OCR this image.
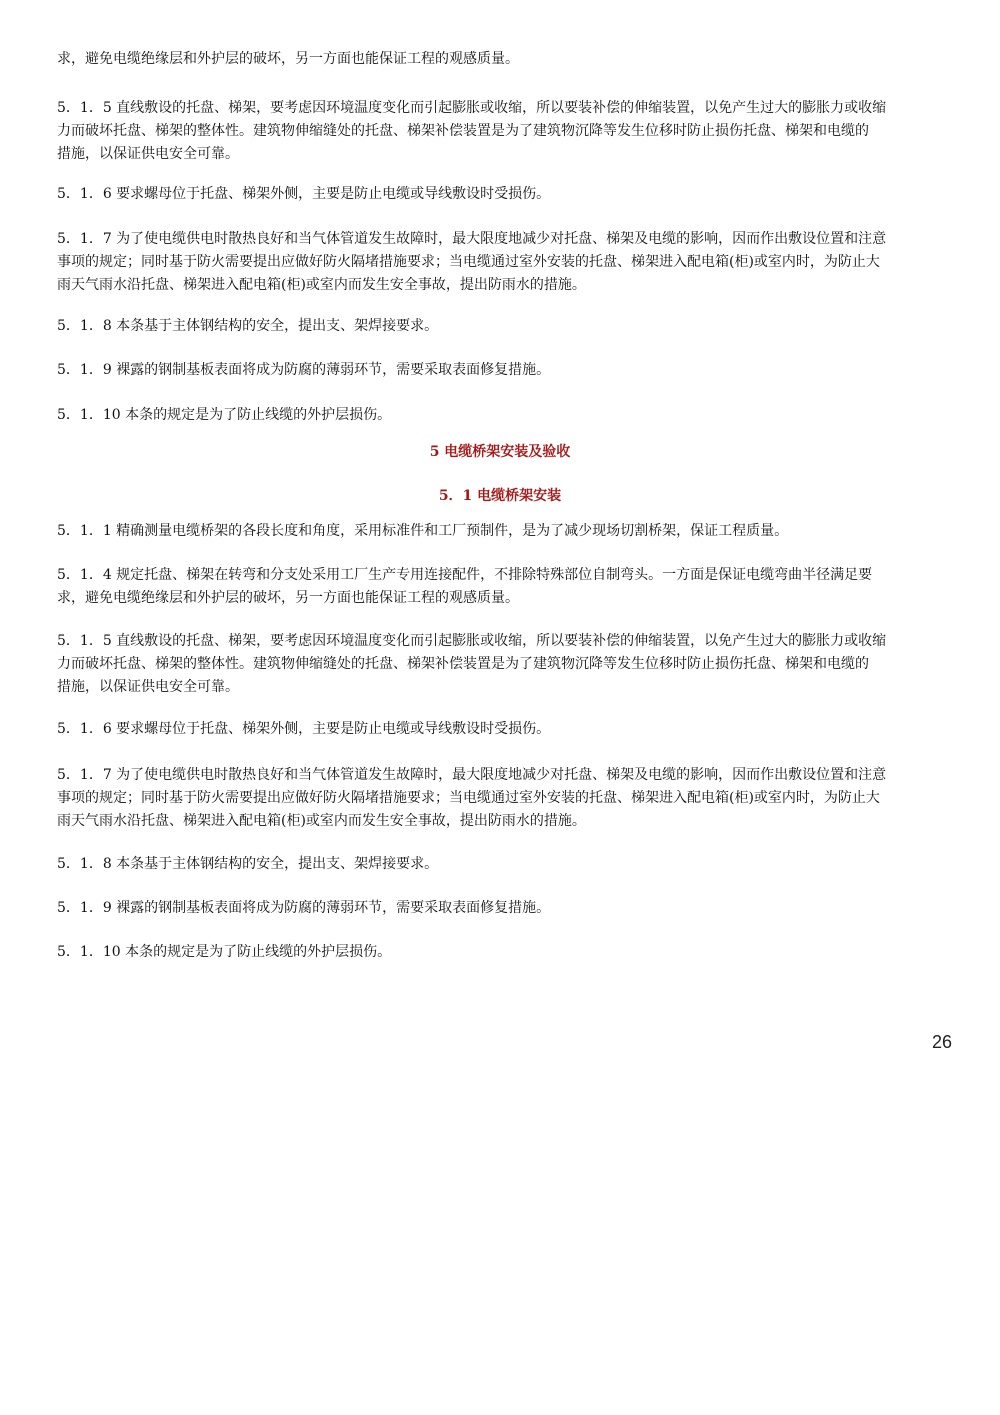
求，避免电缆绝缘层和外护层的破坏，另一方面也能保证工程的观感质量。

5．1．5 直线敷设的托盘、梯架，要考虑因环境温度变化而引起膨胀或收缩，所以要装补偿的伸缩装置，以免产生过大的膨胀力或收缩
力而破坏托盘、梯架的整体性。建筑物伸缩缝处的托盘、梯架补偿装置是为了建筑物沉降等发生位移时防止损伤托盘、梯架和电缆的
措施，以保证供电安全可靠。

5．1．6 要求螺母位于托盘、梯架外侧，主要是防止电缆或导线敷设时受损伤。

5．1．7 为了使电缆供电时散热良好和当气体管道发生故障时，最大限度地减少对托盘、梯架及电缆的影响，因而作出敷设位置和注意
事项的规定；同时基于防火需要提出应做好防火隔堵措施要求；当电缆通过室外安装的托盘、梯架进入配电箱(柜)或室内时，为防止大
雨天气雨水沿托盘、梯架进入配电箱(柜)或室内而发生安全事故，提出防雨水的措施。

5．1．8 本条基于主体钢结构的安全，提出支、架焊接要求。

5．1．9 裸露的钢制基板表面将成为防腐的薄弱环节，需要采取表面修复措施。

5．1．10 本条的规定是为了防止线缆的外护层损伤。

5 电缆桥架安装及验收
5．1 电缆桥架安装

5．1．1 精确测量电缆桥架的各段长度和角度，采用标准件和工厂预制件，是为了减少现场切割桥架，保证工程质量。

5．1．4 规定托盘、梯架在转弯和分支处采用工厂生产专用连接配件，不排除特殊部位自制弯头。一方面是保证电缆弯曲半径满足要
求，避免电缆绝缘层和外护层的破坏，另一方面也能保证工程的观感质量。

5．1．5 直线敷设的托盘、梯架，要考虑因环境温度变化而引起膨胀或收缩，所以要装补偿的伸缩装置，以免产生过大的膨胀力或收缩
力而破坏托盘、梯架的整体性。建筑物伸缩缝处的托盘、梯架补偿装置是为了建筑物沉降等发生位移时防止损伤托盘、梯架和电缆的
措施，以保证供电安全可靠。

5．1．6 要求螺母位于托盘、梯架外侧，主要是防止电缆或导线敷设时受损伤。

5．1．7 为了使电缆供电时散热良好和当气体管道发生故障时，最大限度地减少对托盘、梯架及电缆的影响，因而作出敷设位置和注意
事项的规定；同时基于防火需要提出应做好防火隔堵措施要求；当电缆通过室外安装的托盘、梯架进入配电箱(柜)或室内时，为防止大
雨天气雨水沿托盘、梯架进入配电箱(柜)或室内而发生安全事故，提出防雨水的措施。

5．1．8 本条基于主体钢结构的安全，提出支、架焊接要求。

5．1．9 裸露的钢制基板表面将成为防腐的薄弱环节，需要采取表面修复措施。

5．1．10 本条的规定是为了防止线缆的外护层损伤。

26
